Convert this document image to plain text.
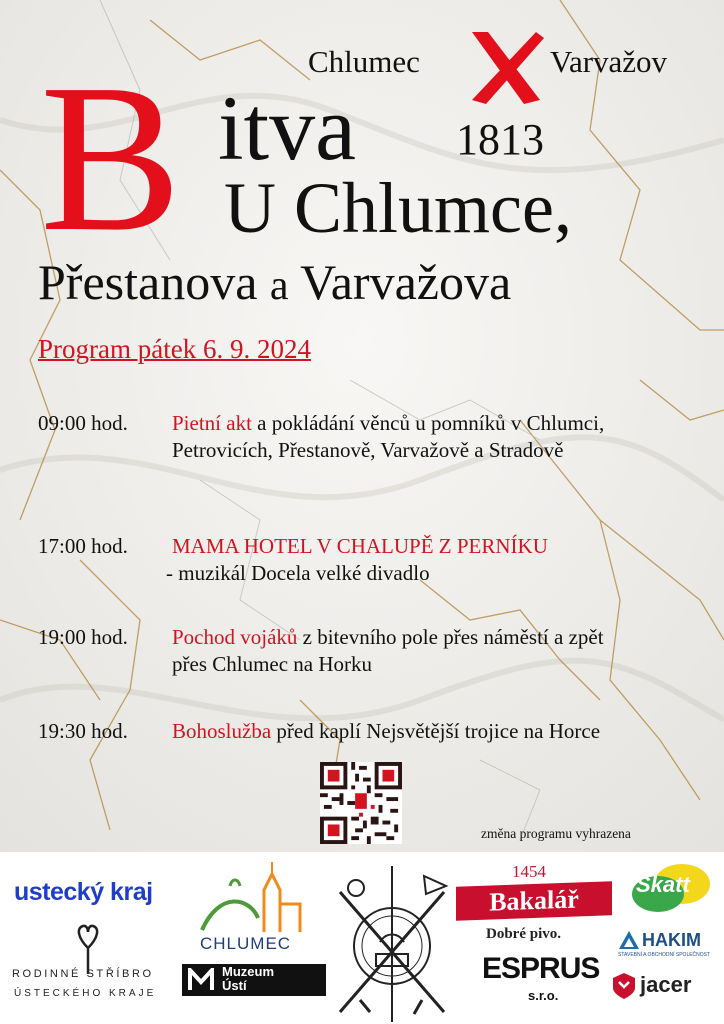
Chlumec	Varvažov
B itva 1813
U Chlumce,
Přestanova a Varvažova
Program pátek 6. 9. 2024
09:00 hod. Pietní akt a pokládání věnců u pomníků v Chlumci, Petrovicích, Přestanově, Varvažově a Stradově
17:00 hod. MAMA HOTEL V CHALUPĚ Z PERNÍKU
- muzikál Docela velké divadlo
19:00 hod. Pochod vojáků z bitevního pole přes náměstí a zpět přes Chlumec na Horku
19:30 hod. Bohoslužba před kaplí Nejsvětější trojice na Horce
změna programu vyhrazena
ustecký kraj
CHLUMEC
RODINNÉ STŘÍBRO
ÚSTECKÉHO KRAJE
Muzeum
Ústí
1454
Bakalář
Dobré pivo.
ESPRUS
s.r.o.
Skatt
HAKIM
STAVEBNÍ A OBCHODNÍ SPOLEČNOST
jacer
